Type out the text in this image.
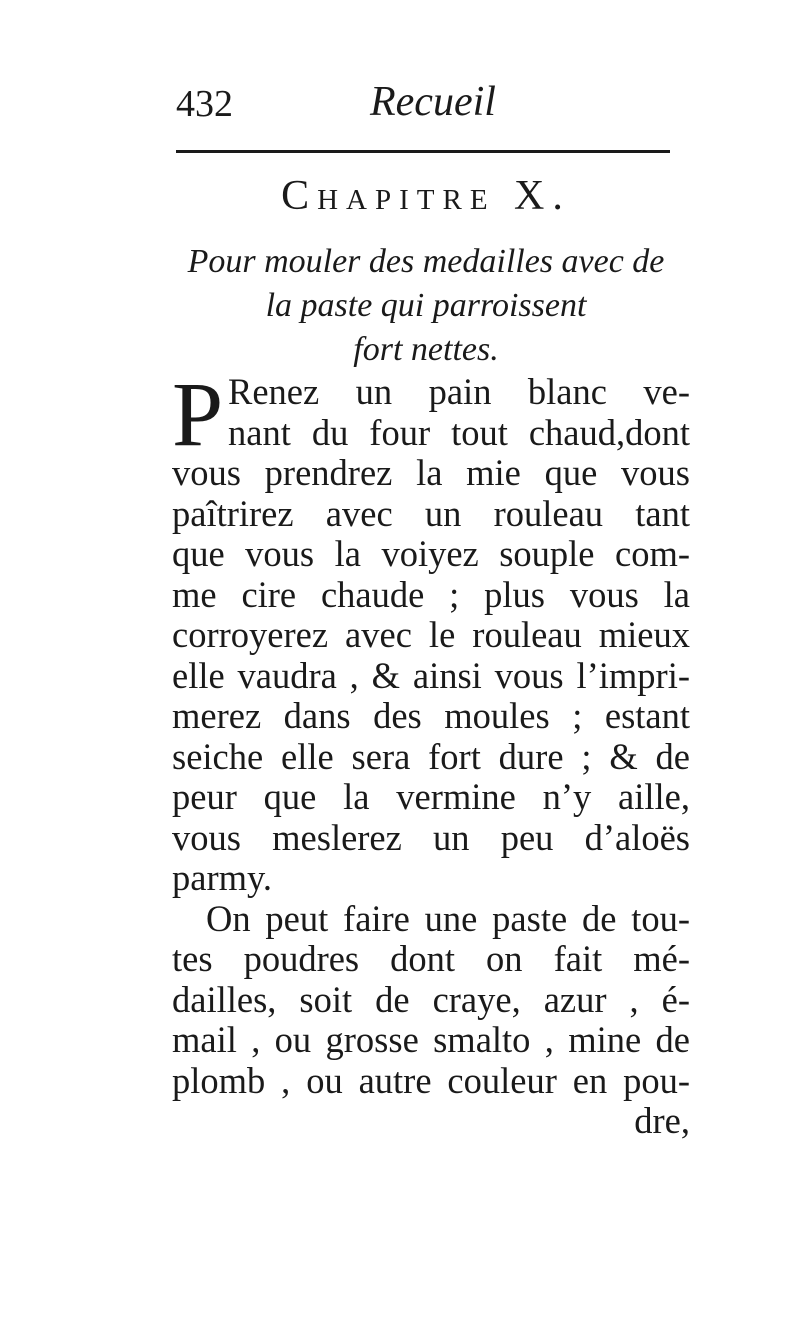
432	Recueil
Chapitre X.
Pour mouler des medailles avec de
la paste qui parroissent
fort nettes.
P Renez un pain blanc ve-
nant du four tout chaud,dont
vous prendrez la mie que vous
paîtrirez avec un rouleau tant
que vous la voiyez souple com-
me cire chaude ; plus vous la
corroyerez avec le rouleau mieux
elle vaudra , & ainsi vous l’impri-
merez dans des moules ; estant
seiche elle sera fort dure ; & de
peur que la vermine n’y aille,
vous meslerez un peu d’aloës
parmy.
On peut faire une paste de tou-
tes poudres dont on fait mé-
dailles, soit de craye, azur , é-
mail , ou grosse smalto , mine de
plomb , ou autre couleur en pou-
dre,
